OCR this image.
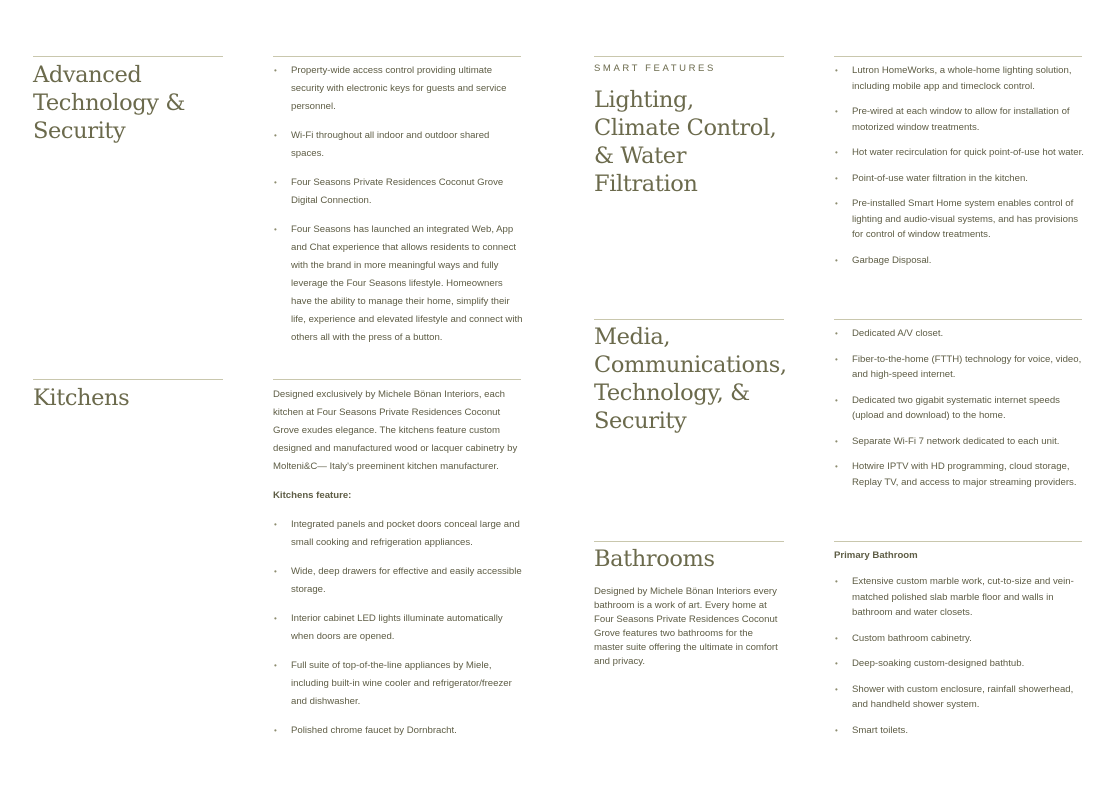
Advanced
Technology &
Security
• Property-wide access control providing ultimate security with electronic keys for guests and service personnel.
• Wi-Fi throughout all indoor and outdoor shared spaces.
• Four Seasons Private Residences Coconut Grove Digital Connection.
• Four Seasons has launched an integrated Web, App and Chat experience that allows residents to connect with the brand in more meaningful ways and fully leverage the Four Seasons lifestyle. Homeowners have the ability to manage their home, simplify their life, experience and elevated lifestyle and connect with others all with the press of a button.
Kitchens	Designed exclusively by Michele Bönan Interiors, each kitchen at Four Seasons Private Residences Coconut Grove exudes elegance. The kitchens feature custom designed and manufactured wood or lacquer cabinetry by Molteni&C— Italy's preeminent kitchen manufacturer.

Kitchens feature:

• Integrated panels and pocket doors conceal large and small cooking and refrigeration appliances.
• Wide, deep drawers for effective and easily accessible storage.
• Interior cabinet LED lights illuminate automatically when doors are opened.
• Full suite of top-of-the-line appliances by Miele, including built-in wine cooler and refrigerator/freezer and dishwasher.
• Polished chrome faucet by Dornbracht.

SMART FEATURES

Lighting,
Climate Control,
& Water Filtration
• Lutron HomeWorks, a whole-home lighting solution, including mobile app and timeclock control.
• Pre-wired at each window to allow for installation of motorized window treatments.
• Hot water recirculation for quick point-of-use hot water.
• Point-of-use water filtration in the kitchen.
• Pre-installed Smart Home system enables control of lighting and audio-visual systems, and has provisions for control of window treatments.
• Garbage Disposal.
Media,
Communications,
Technology, &
Security
• Dedicated A/V closet.
• Fiber-to-the-home (FTTH) technology for voice, video, and high-speed internet.
• Dedicated two gigabit systematic internet speeds (upload and download) to the home.
• Separate Wi-Fi 7 network dedicated to each unit.
• Hotwire IPTV with HD programming, cloud storage, Replay TV, and access to major streaming providers.
Bathrooms

Designed by Michele Bönan Interiors every bathroom is a work of art. Every home at Four Seasons Private Residences Coconut Grove features two bathrooms for the master suite offering the ultimate in comfort and privacy.

Primary Bathroom

• Extensive custom marble work, cut-to-size and vein-matched polished slab marble floor and walls in bathroom and water closets.
• Custom bathroom cabinetry.
• Deep-soaking custom-designed bathtub.
• Shower with custom enclosure, rainfall showerhead, and handheld shower system.
• Smart toilets.
